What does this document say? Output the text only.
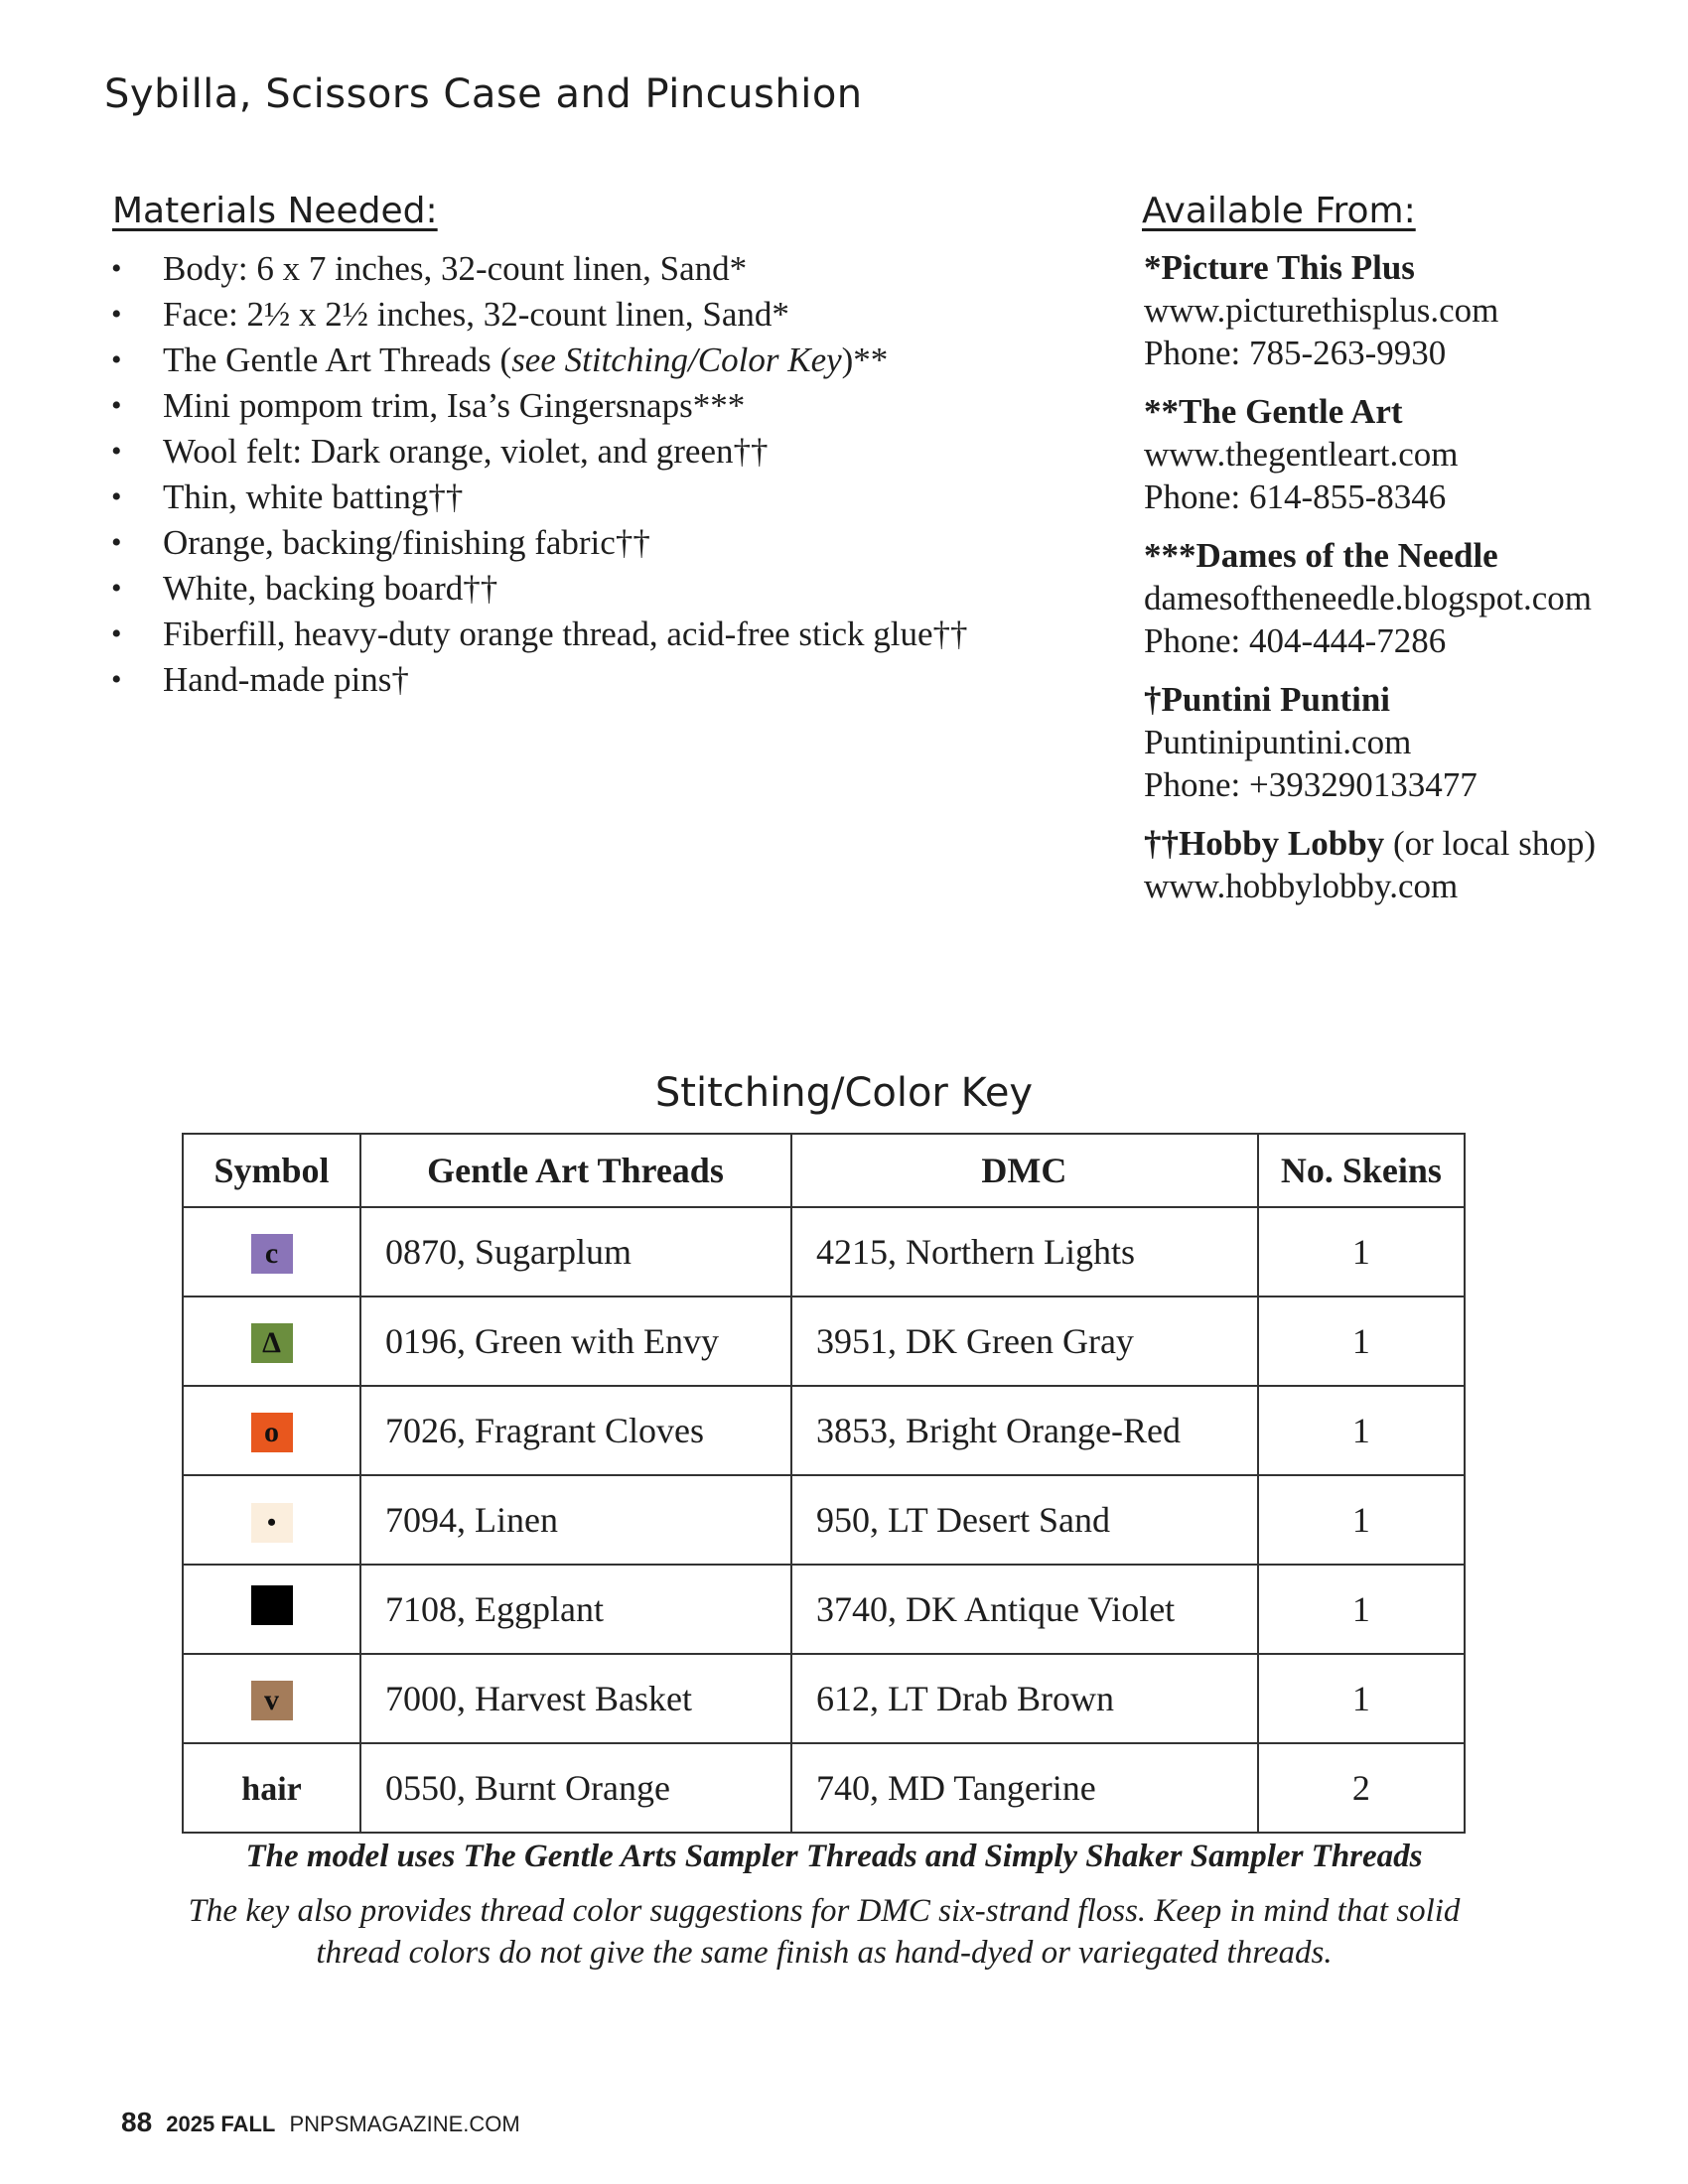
Sybilla, Scissors Case and Pincushion
Materials Needed:
• Body: 6 x 7 inches, 32-count linen, Sand*
• Face: 2½ x 2½ inches, 32-count linen, Sand*
• The Gentle Art Threads (see Stitching/Color Key)**
• Mini pompom trim, Isa’s Gingersnaps***
• Wool felt: Dark orange, violet, and green††
• Thin, white batting††
• Orange, backing/finishing fabric††
• White, backing board††
• Fiberfill, heavy-duty orange thread, acid-free stick glue††
• Hand-made pins†
Available From:
*Picture This Plus
www.picturethisplus.com
Phone: 785-263-9930
**The Gentle Art
www.thegentleart.com
Phone: 614-855-8346
***Dames of the Needle
damesoftheneedle.blogspot.com
Phone: 404-444-7286
†Puntini Puntini
Puntinipuntini.com
Phone: +393290133477
††Hobby Lobby (or local shop)
www.hobbylobby.com
Stitching/Color Key
Symbol	Gentle Art Threads	DMC	No. Skeins
c	0870, Sugarplum	4215, Northern Lights	1
Δ	0196, Green with Envy	3951, DK Green Gray	1
o	7026, Fragrant Cloves	3853, Bright Orange-Red	1
•	7094, Linen	950, LT Desert Sand	1
	7108, Eggplant	3740, DK Antique Violet	1
v	7000, Harvest Basket	612, LT Drab Brown	1
hair	0550, Burnt Orange	740, MD Tangerine	2
The model uses The Gentle Arts Sampler Threads and Simply Shaker Sampler Threads
The key also provides thread color suggestions for DMC six-strand floss. Keep in mind that solid thread colors do not give the same finish as hand-dyed or variegated threads.
88 2025 FALL PNPSMAGAZINE.COM
